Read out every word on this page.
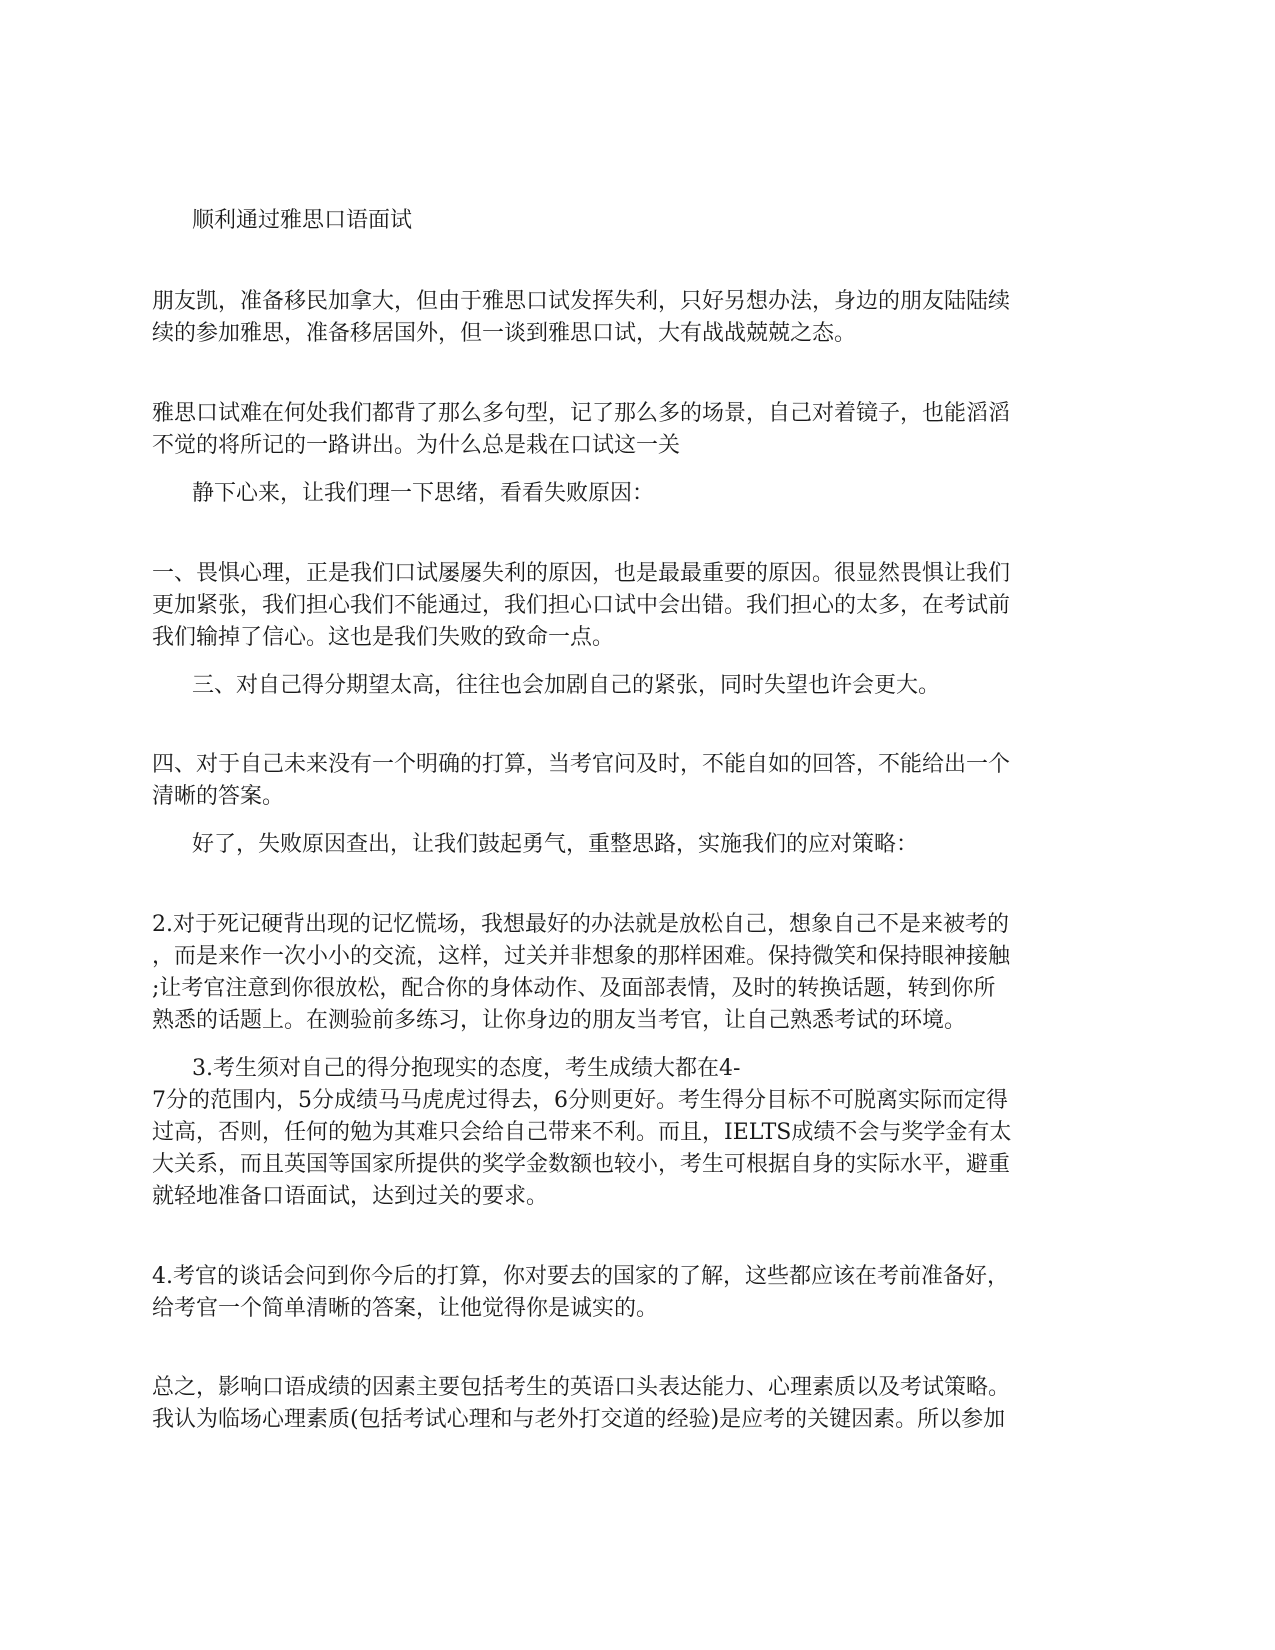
顺利通过雅思口语面试
朋友凯，准备移民加拿大，但由于雅思口试发挥失利，只好另想办法，身边的朋友陆陆续
续的参加雅思，准备移居国外，但一谈到雅思口试，大有战战兢兢之态。
雅思口试难在何处我们都背了那么多句型，记了那么多的场景，自己对着镜子，也能滔滔
不觉的将所记的一路讲出。为什么总是栽在口试这一关
静下心来，让我们理一下思绪，看看失败原因：
一、畏惧心理，正是我们口试屡屡失利的原因，也是最最重要的原因。很显然畏惧让我们
更加紧张，我们担心我们不能通过，我们担心口试中会出错。我们担心的太多，在考试前
我们输掉了信心。这也是我们失败的致命一点。
三、对自己得分期望太高，往往也会加剧自己的紧张，同时失望也许会更大。
四、对于自己未来没有一个明确的打算，当考官问及时，不能自如的回答，不能给出一个
清晰的答案。
好了，失败原因查出，让我们鼓起勇气，重整思路，实施我们的应对策略：
2.对于死记硬背出现的记忆慌场，我想最好的办法就是放松自己，想象自己不是来被考的
，而是来作一次小小的交流，这样，过关并非想象的那样困难。保持微笑和保持眼神接触
;让考官注意到你很放松，配合你的身体动作、及面部表情，及时的转换话题，转到你所
熟悉的话题上。在测验前多练习，让你身边的朋友当考官，让自己熟悉考试的环境。
3.考生须对自己的得分抱现实的态度，考生成绩大都在4-
7分的范围内，5分成绩马马虎虎过得去，6分则更好。考生得分目标不可脱离实际而定得
过高，否则，任何的勉为其难只会给自己带来不利。而且，IELTS成绩不会与奖学金有太
大关系，而且英国等国家所提供的奖学金数额也较小，考生可根据自身的实际水平，避重
就轻地准备口语面试，达到过关的要求。
4.考官的谈话会问到你今后的打算，你对要去的国家的了解，这些都应该在考前准备好，
给考官一个简单清晰的答案，让他觉得你是诚实的。
总之，影响口语成绩的因素主要包括考生的英语口头表达能力、心理素质以及考试策略。
我认为临场心理素质(包括考试心理和与老外打交道的经验)是应考的关键因素。所以参加
